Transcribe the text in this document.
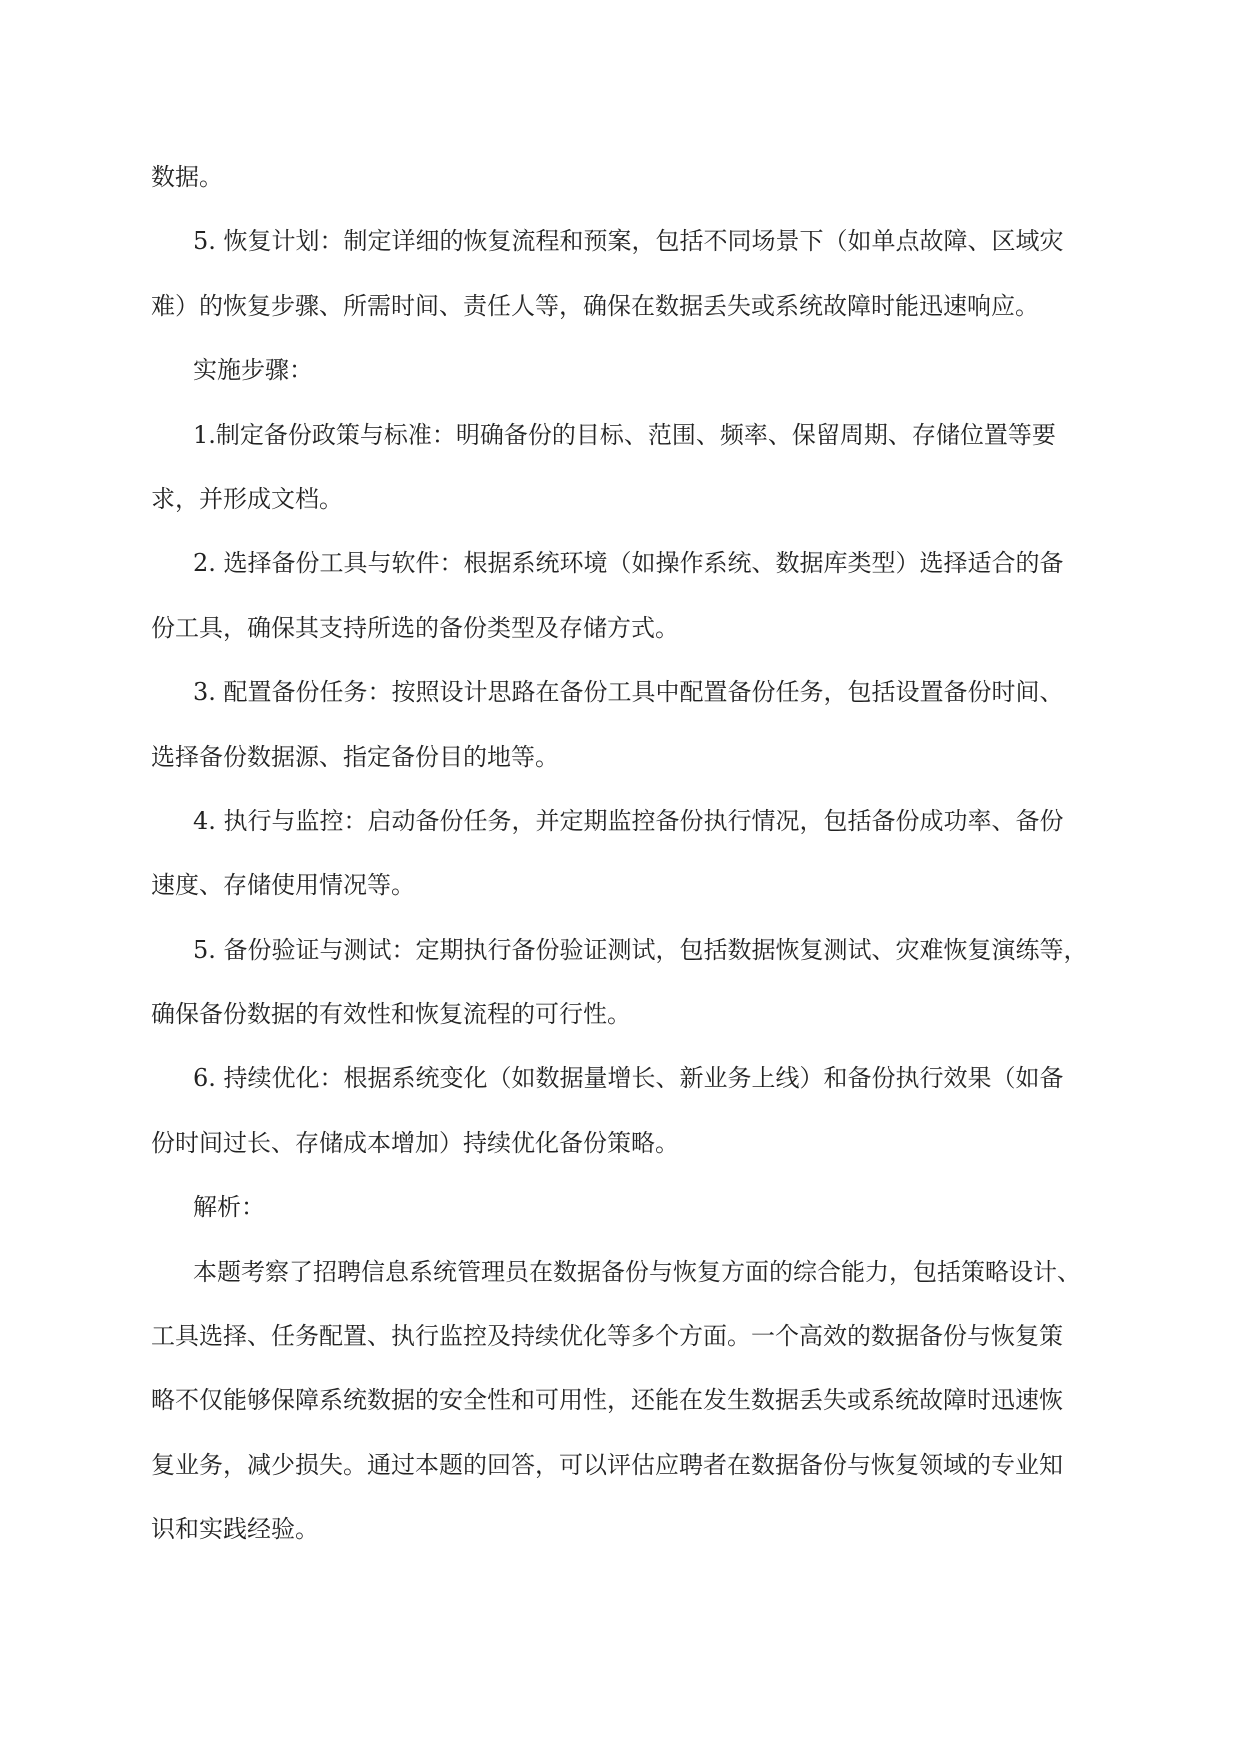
数据。
5. 恢复计划：制定详细的恢复流程和预案，包括不同场景下（如单点故障、区域灾
难）的恢复步骤、所需时间、责任人等，确保在数据丢失或系统故障时能迅速响应。
实施步骤：
1.制定备份政策与标准：明确备份的目标、范围、频率、保留周期、存储位置等要
求，并形成文档。
2. 选择备份工具与软件：根据系统环境（如操作系统、数据库类型）选择适合的备
份工具，确保其支持所选的备份类型及存储方式。
3. 配置备份任务：按照设计思路在备份工具中配置备份任务，包括设置备份时间、
选择备份数据源、指定备份目的地等。
4. 执行与监控：启动备份任务，并定期监控备份执行情况，包括备份成功率、备份
速度、存储使用情况等。
5. 备份验证与测试：定期执行备份验证测试，包括数据恢复测试、灾难恢复演练等，
确保备份数据的有效性和恢复流程的可行性。
6. 持续优化：根据系统变化（如数据量增长、新业务上线）和备份执行效果（如备
份时间过长、存储成本增加）持续优化备份策略。
解析：
本题考察了招聘信息系统管理员在数据备份与恢复方面的综合能力，包括策略设计、
工具选择、任务配置、执行监控及持续优化等多个方面。一个高效的数据备份与恢复策
略不仅能够保障系统数据的安全性和可用性，还能在发生数据丢失或系统故障时迅速恢
复业务，减少损失。通过本题的回答，可以评估应聘者在数据备份与恢复领域的专业知
识和实践经验。
